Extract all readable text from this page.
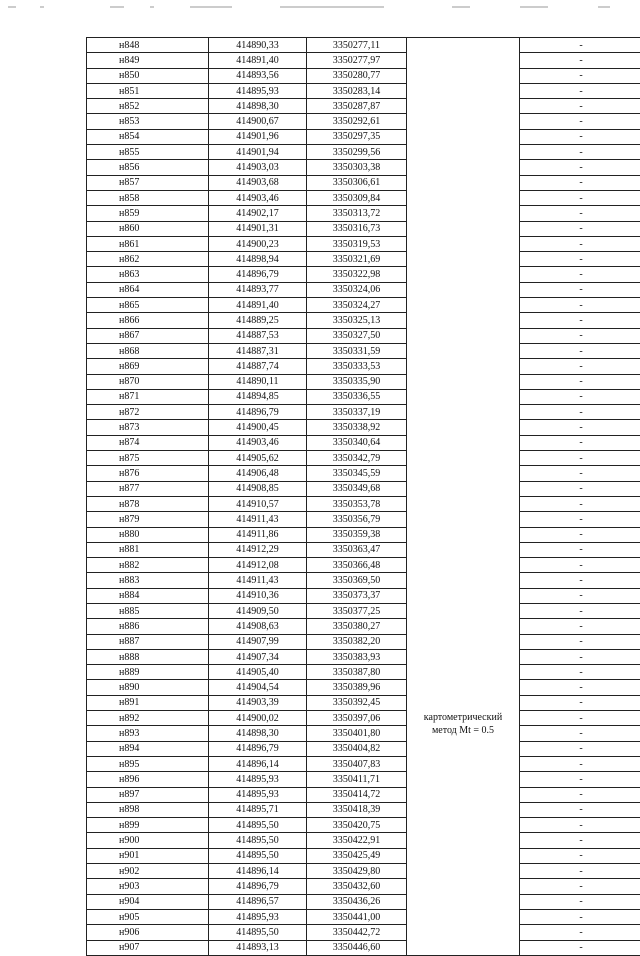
н848	414890,33	3350277,11		-
н849	414891,40	3350277,97		-
н850	414893,56	3350280,77		-
н851	414895,93	3350283,14		-
н852	414898,30	3350287,87		-
н853	414900,67	3350292,61		-
н854	414901,96	3350297,35		-
н855	414901,94	3350299,56		-
н856	414903,03	3350303,38		-
н857	414903,68	3350306,61		-
н858	414903,46	3350309,84		-
н859	414902,17	3350313,72		-
н860	414901,31	3350316,73		-
н861	414900,23	3350319,53		-
н862	414898,94	3350321,69		-
н863	414896,79	3350322,98		-
н864	414893,77	3350324,06		-
н865	414891,40	3350324,27		-
н866	414889,25	3350325,13		-
н867	414887,53	3350327,50		-
н868	414887,31	3350331,59		-
н869	414887,74	3350333,53		-
н870	414890,11	3350335,90		-
н871	414894,85	3350336,55		-
н872	414896,79	3350337,19		-
н873	414900,45	3350338,92		-
н874	414903,46	3350340,64		-
н875	414905,62	3350342,79		-
н876	414906,48	3350345,59		-
н877	414908,85	3350349,68		-
н878	414910,57	3350353,78		-
н879	414911,43	3350356,79		-
н880	414911,86	3350359,38		-
н881	414912,29	3350363,47		-
н882	414912,08	3350366,48		-
н883	414911,43	3350369,50		-
н884	414910,36	3350373,37		-
н885	414909,50	3350377,25		-
н886	414908,63	3350380,27		-
н887	414907,99	3350382,20		-
н888	414907,34	3350383,93		-
н889	414905,40	3350387,80		-
н890	414904,54	3350389,96		-
н891	414903,39	3350392,45		-
н892	414900,02	3350397,06	картометрический
метод Mt = 0.5	-
н893	414898,30	3350401,80		-
н894	414896,79	3350404,82		-
н895	414896,14	3350407,83		-
н896	414895,93	3350411,71		-
н897	414895,93	3350414,72		-
н898	414895,71	3350418,39		-
н899	414895,50	3350420,75		-
н900	414895,50	3350422,91		-
н901	414895,50	3350425,49		-
н902	414896,14	3350429,80		-
н903	414896,79	3350432,60		-
н904	414896,57	3350436,26		-
н905	414895,93	3350441,00		-
н906	414895,50	3350442,72		-
н907	414893,13	3350446,60		-
